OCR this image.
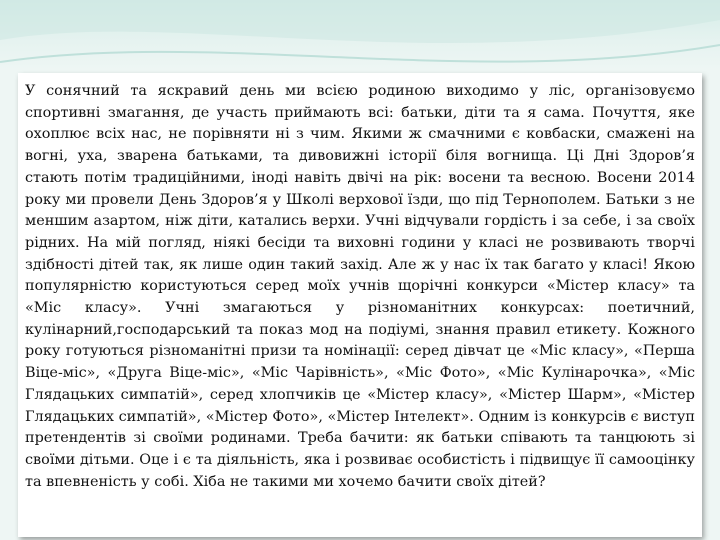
У сонячний та яскравий день ми всією родиною виходимо у ліс, організовуємо спортивні змагання, де участь приймають всі: батьки, діти та я сама. Почуття, яке охоплює всіх нас, не порівняти ні з чим. Якими ж смачними є ковбаски, смажені на вогні, уха, зварена батьками, та дивовижні історії біля вогнища. Ці Дні Здоров’я стають потім традиційними, іноді навіть двічі на рік: восени та весною. Восени 2014 року ми провели День Здоров’я у Школі верхової їзди, що під Тернополем. Батьки з не меншим азартом, ніж діти, катались верхи. Учні відчували гордість і за себе, і за своїх рідних. На мій погляд, ніякі бесіди та виховні години у класі не розвивають творчі здібності дітей так, як лише один такий захід. Але ж у нас їх так багато у класі! Якою популярністю користуються серед моїх учнів щорічні конкурси «Містер класу» та «Міс класу». Учні змагаються у різноманітних конкурсах: поетичний, кулінарний,господарський та показ мод на подіумі, знання правил етикету. Кожного року готуються різноманітні призи та номінації: серед дівчат це «Міс класу», «Перша Віце-міс», «Друга Віце-міс», «Міс Чарівність», «Міс Фото», «Міс Кулінарочка», «Міс Глядацьких симпатій», серед хлопчиків це «Містер класу», «Містер Шарм», «Містер Глядацьких симпатій», «Містер Фото», «Містер Інтелект». Одним із конкурсів є виступ претендентів зі своїми родинами. Треба бачити: як батьки співають та танцюють зі своїми дітьми. Оце і є та діяльність, яка і розвиває особистість і підвищує її самооцінку та впевненість у собі. Хіба не такими ми хочемо бачити своїх дітей?
